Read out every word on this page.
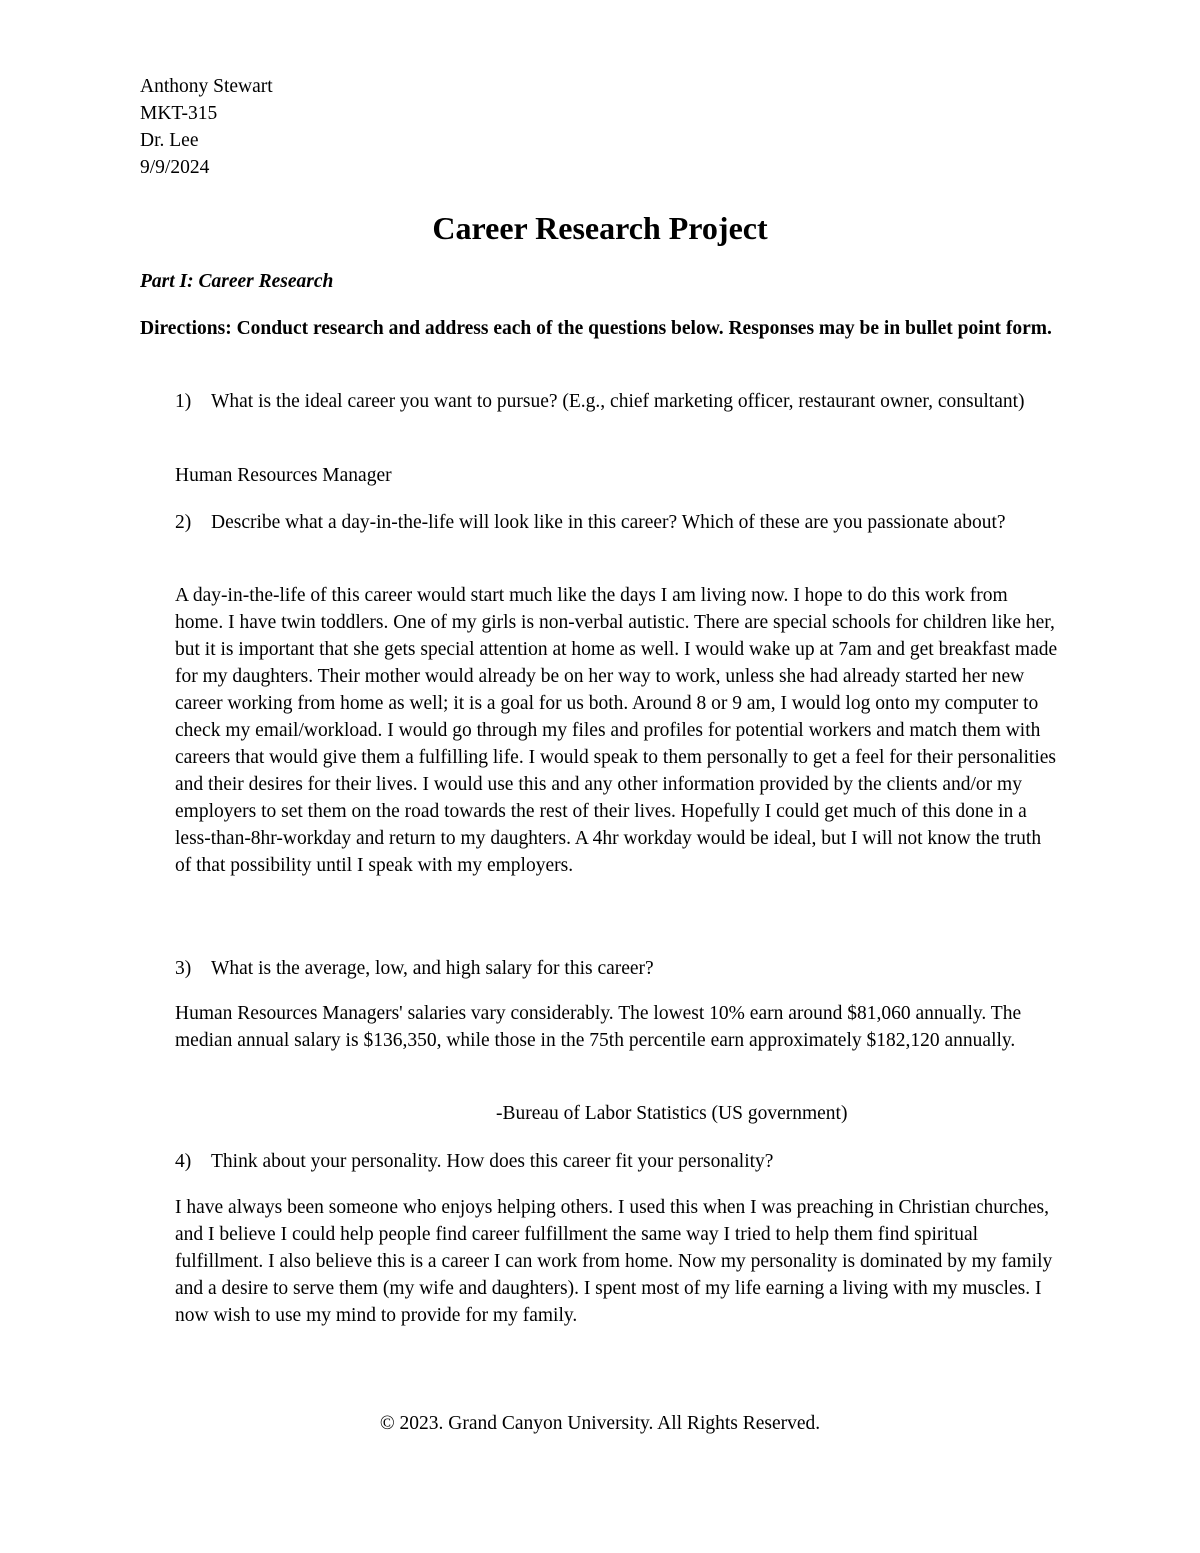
Anthony Stewart
MKT-315
Dr. Lee
9/9/2024
Career Research Project
Part I: Career Research
Directions: Conduct research and address each of the questions below. Responses may be in bullet point form.
1) What is the ideal career you want to pursue? (E.g., chief marketing officer, restaurant owner, consultant)
Human Resources Manager
2) Describe what a day-in-the-life will look like in this career? Which of these are you passionate about?
A day-in-the-life of this career would start much like the days I am living now. I hope to do this work from home. I have twin toddlers. One of my girls is non-verbal autistic. There are special schools for children like her, but it is important that she gets special attention at home as well. I would wake up at 7am and get breakfast made for my daughters. Their mother would already be on her way to work, unless she had already started her new career working from home as well; it is a goal for us both. Around 8 or 9 am, I would log onto my computer to check my email/workload. I would go through my files and profiles for potential workers and match them with careers that would give them a fulfilling life. I would speak to them personally to get a feel for their personalities and their desires for their lives. I would use this and any other information provided by the clients and/or my employers to set them on the road towards the rest of their lives. Hopefully I could get much of this done in a less-than-8hr-workday and return to my daughters. A 4hr workday would be ideal, but I will not know the truth of that possibility until I speak with my employers.
3) What is the average, low, and high salary for this career?
Human Resources Managers' salaries vary considerably. The lowest 10% earn around $81,060 annually. The median annual salary is $136,350, while those in the 75th percentile earn approximately $182,120 annually.
-Bureau of Labor Statistics (US government)
4) Think about your personality. How does this career fit your personality?
I have always been someone who enjoys helping others. I used this when I was preaching in Christian churches, and I believe I could help people find career fulfillment the same way I tried to help them find spiritual fulfillment. I also believe this is a career I can work from home. Now my personality is dominated by my family and a desire to serve them (my wife and daughters). I spent most of my life earning a living with my muscles. I now wish to use my mind to provide for my family.
© 2023. Grand Canyon University. All Rights Reserved.
